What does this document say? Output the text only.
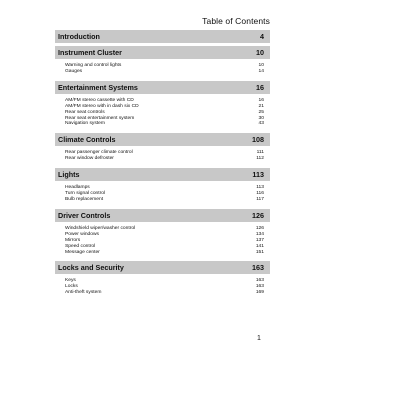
Table of Contents
Introduction	4
Instrument Cluster	10
Warning and control lights	10
Gauges	14
Entertainment Systems	16
AM/FM stereo cassette with CD	16
AM/FM stereo with in dash six CD	21
Rear seat controls	25
Rear seat entertainment system	30
Navigation system	43
Climate Controls	108
Rear passenger climate control	111
Rear window defroster	112
Lights	113
Headlamps	113
Turn signal control	116
Bulb replacement	117
Driver Controls	126
Windshield wiper/washer control	126
Power windows	134
Mirrors	137
Speed control	141
Message center	151
Locks and Security	163
Keys	163
Locks	163
Anti-theft system	169
1
